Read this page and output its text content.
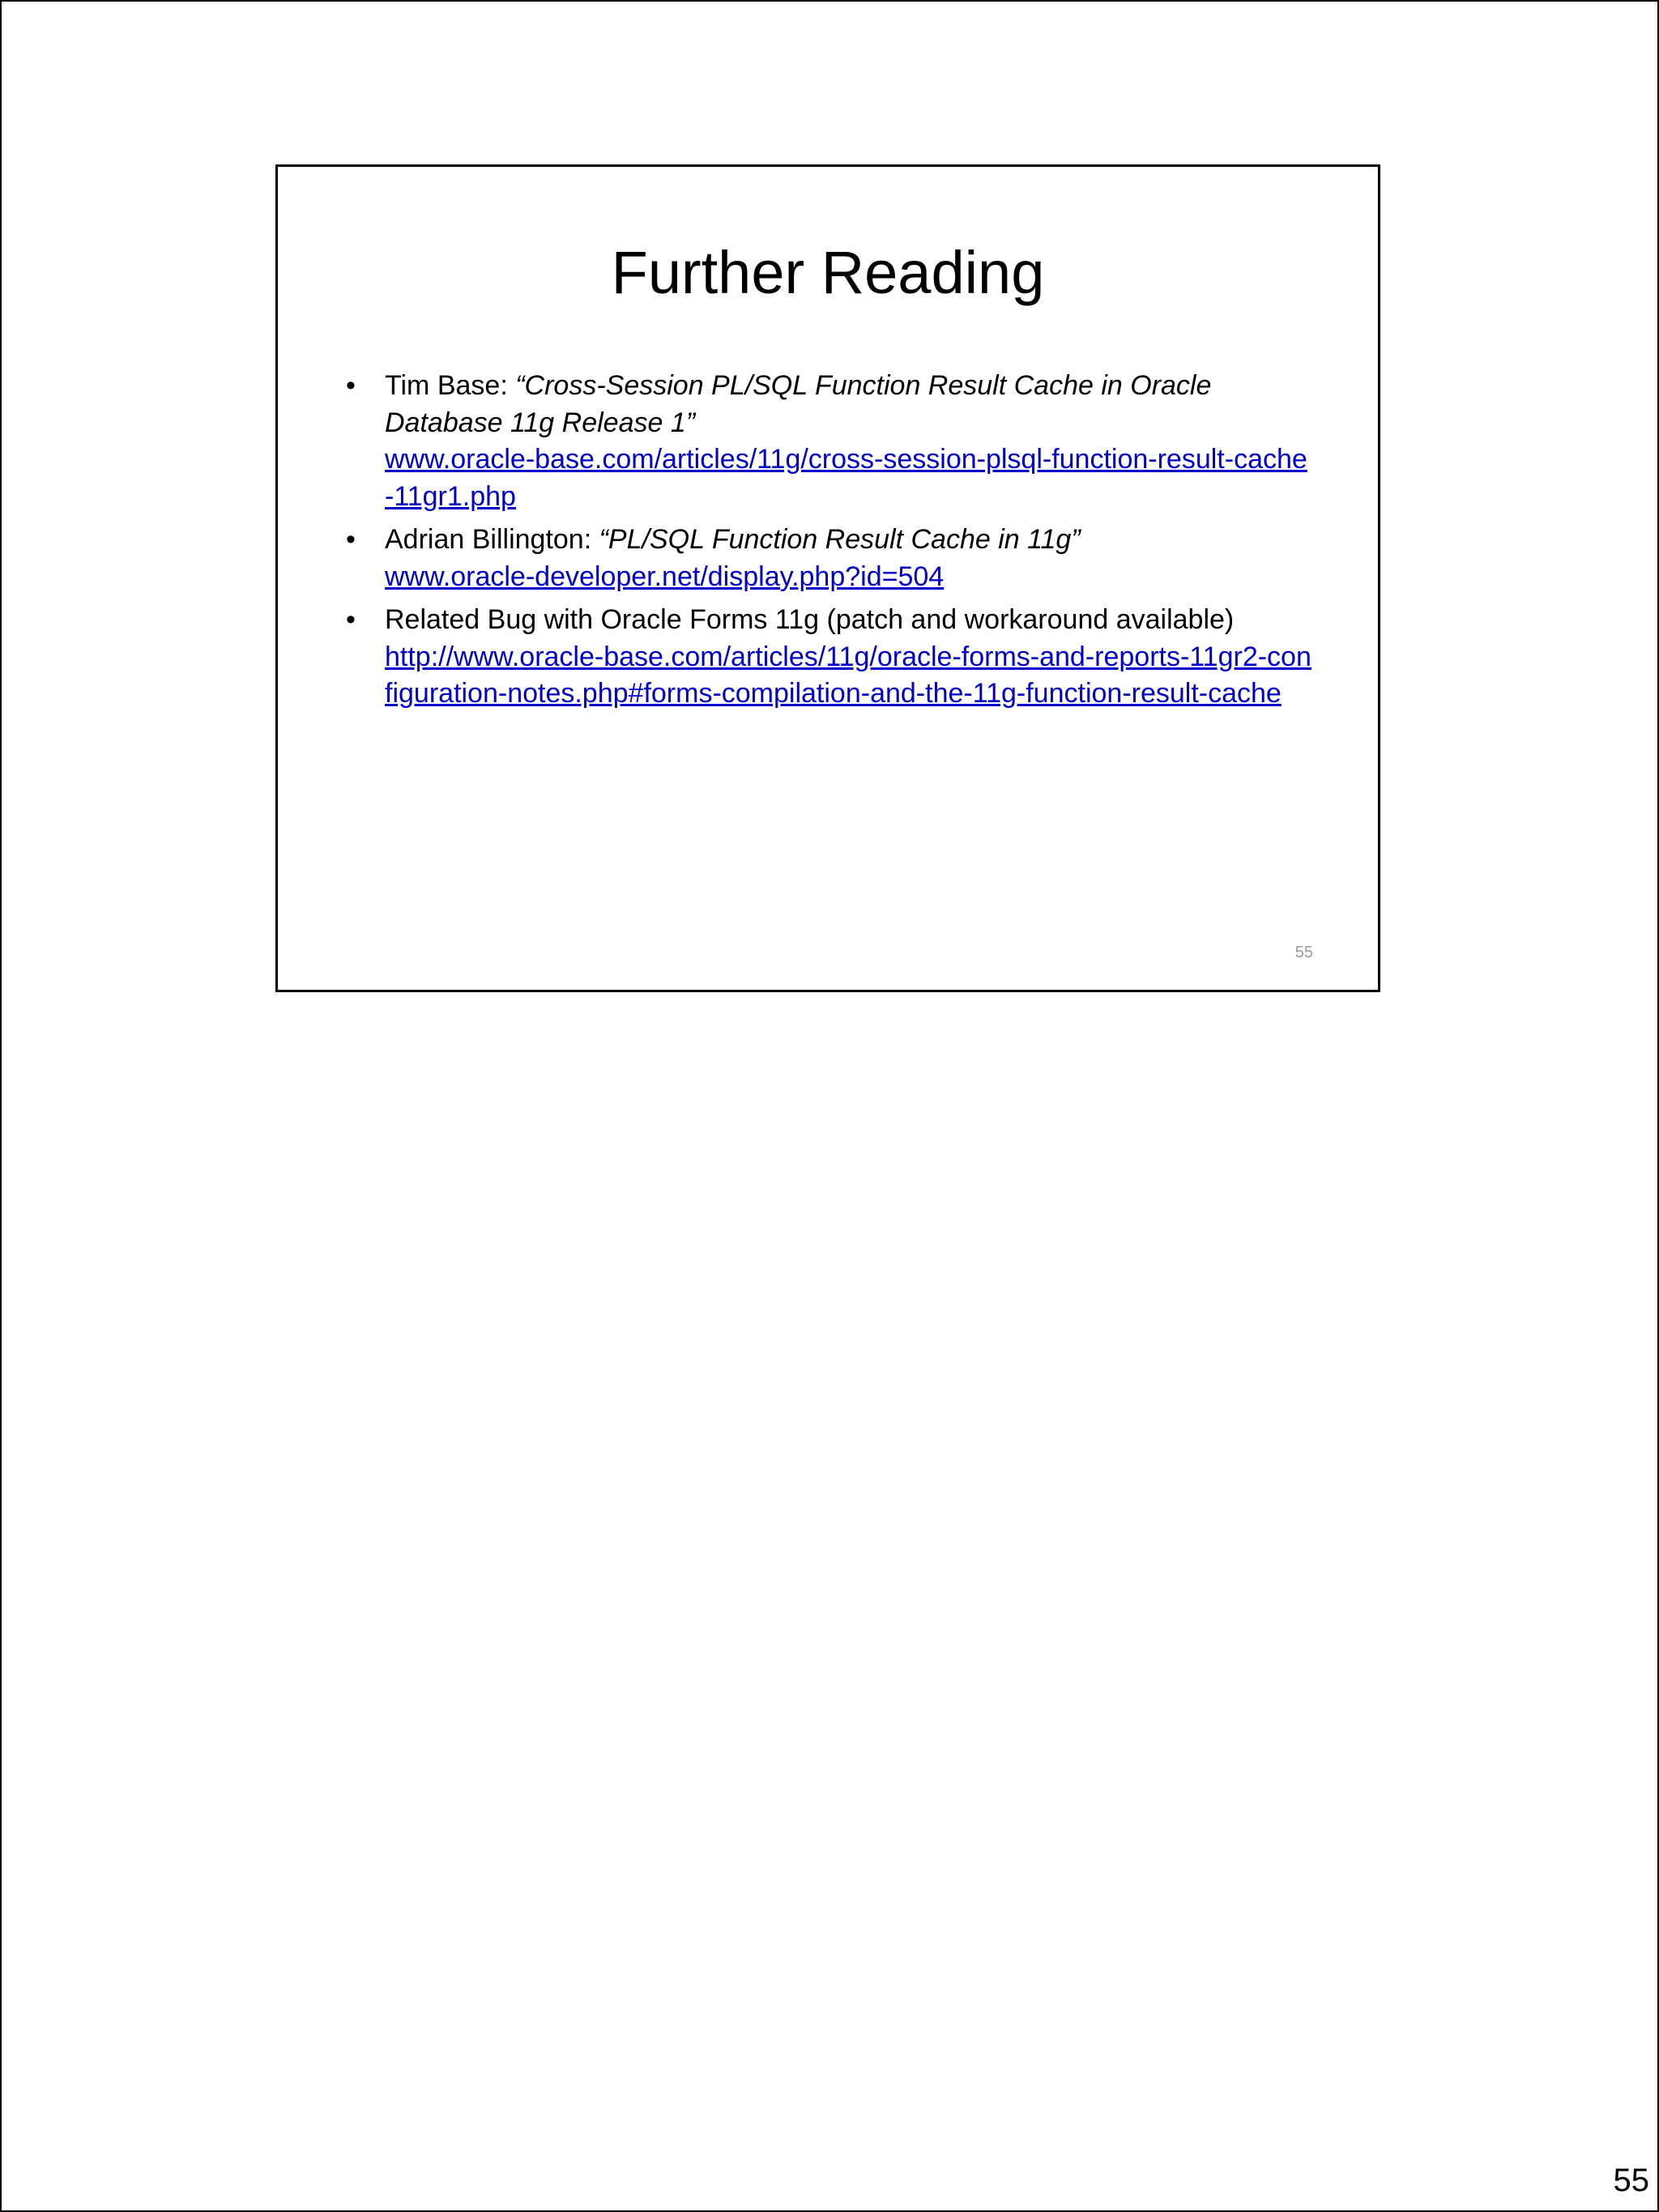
Further Reading
• Tim Base: “Cross-Session PL/SQL Function Result Cache in Oracle Database 11g Release 1”
www.oracle-base.com/articles/11g/cross-session-plsql-function-result-cache-11gr1.php
• Adrian Billington: “PL/SQL Function Result Cache in 11g”
www.oracle-developer.net/display.php?id=504
• Related Bug with Oracle Forms 11g (patch and workaround available)
http://www.oracle-base.com/articles/11g/oracle-forms-and-reports-11gr2-configuration-notes.php#forms-compilation-and-the-11g-function-result-cache
55
55
